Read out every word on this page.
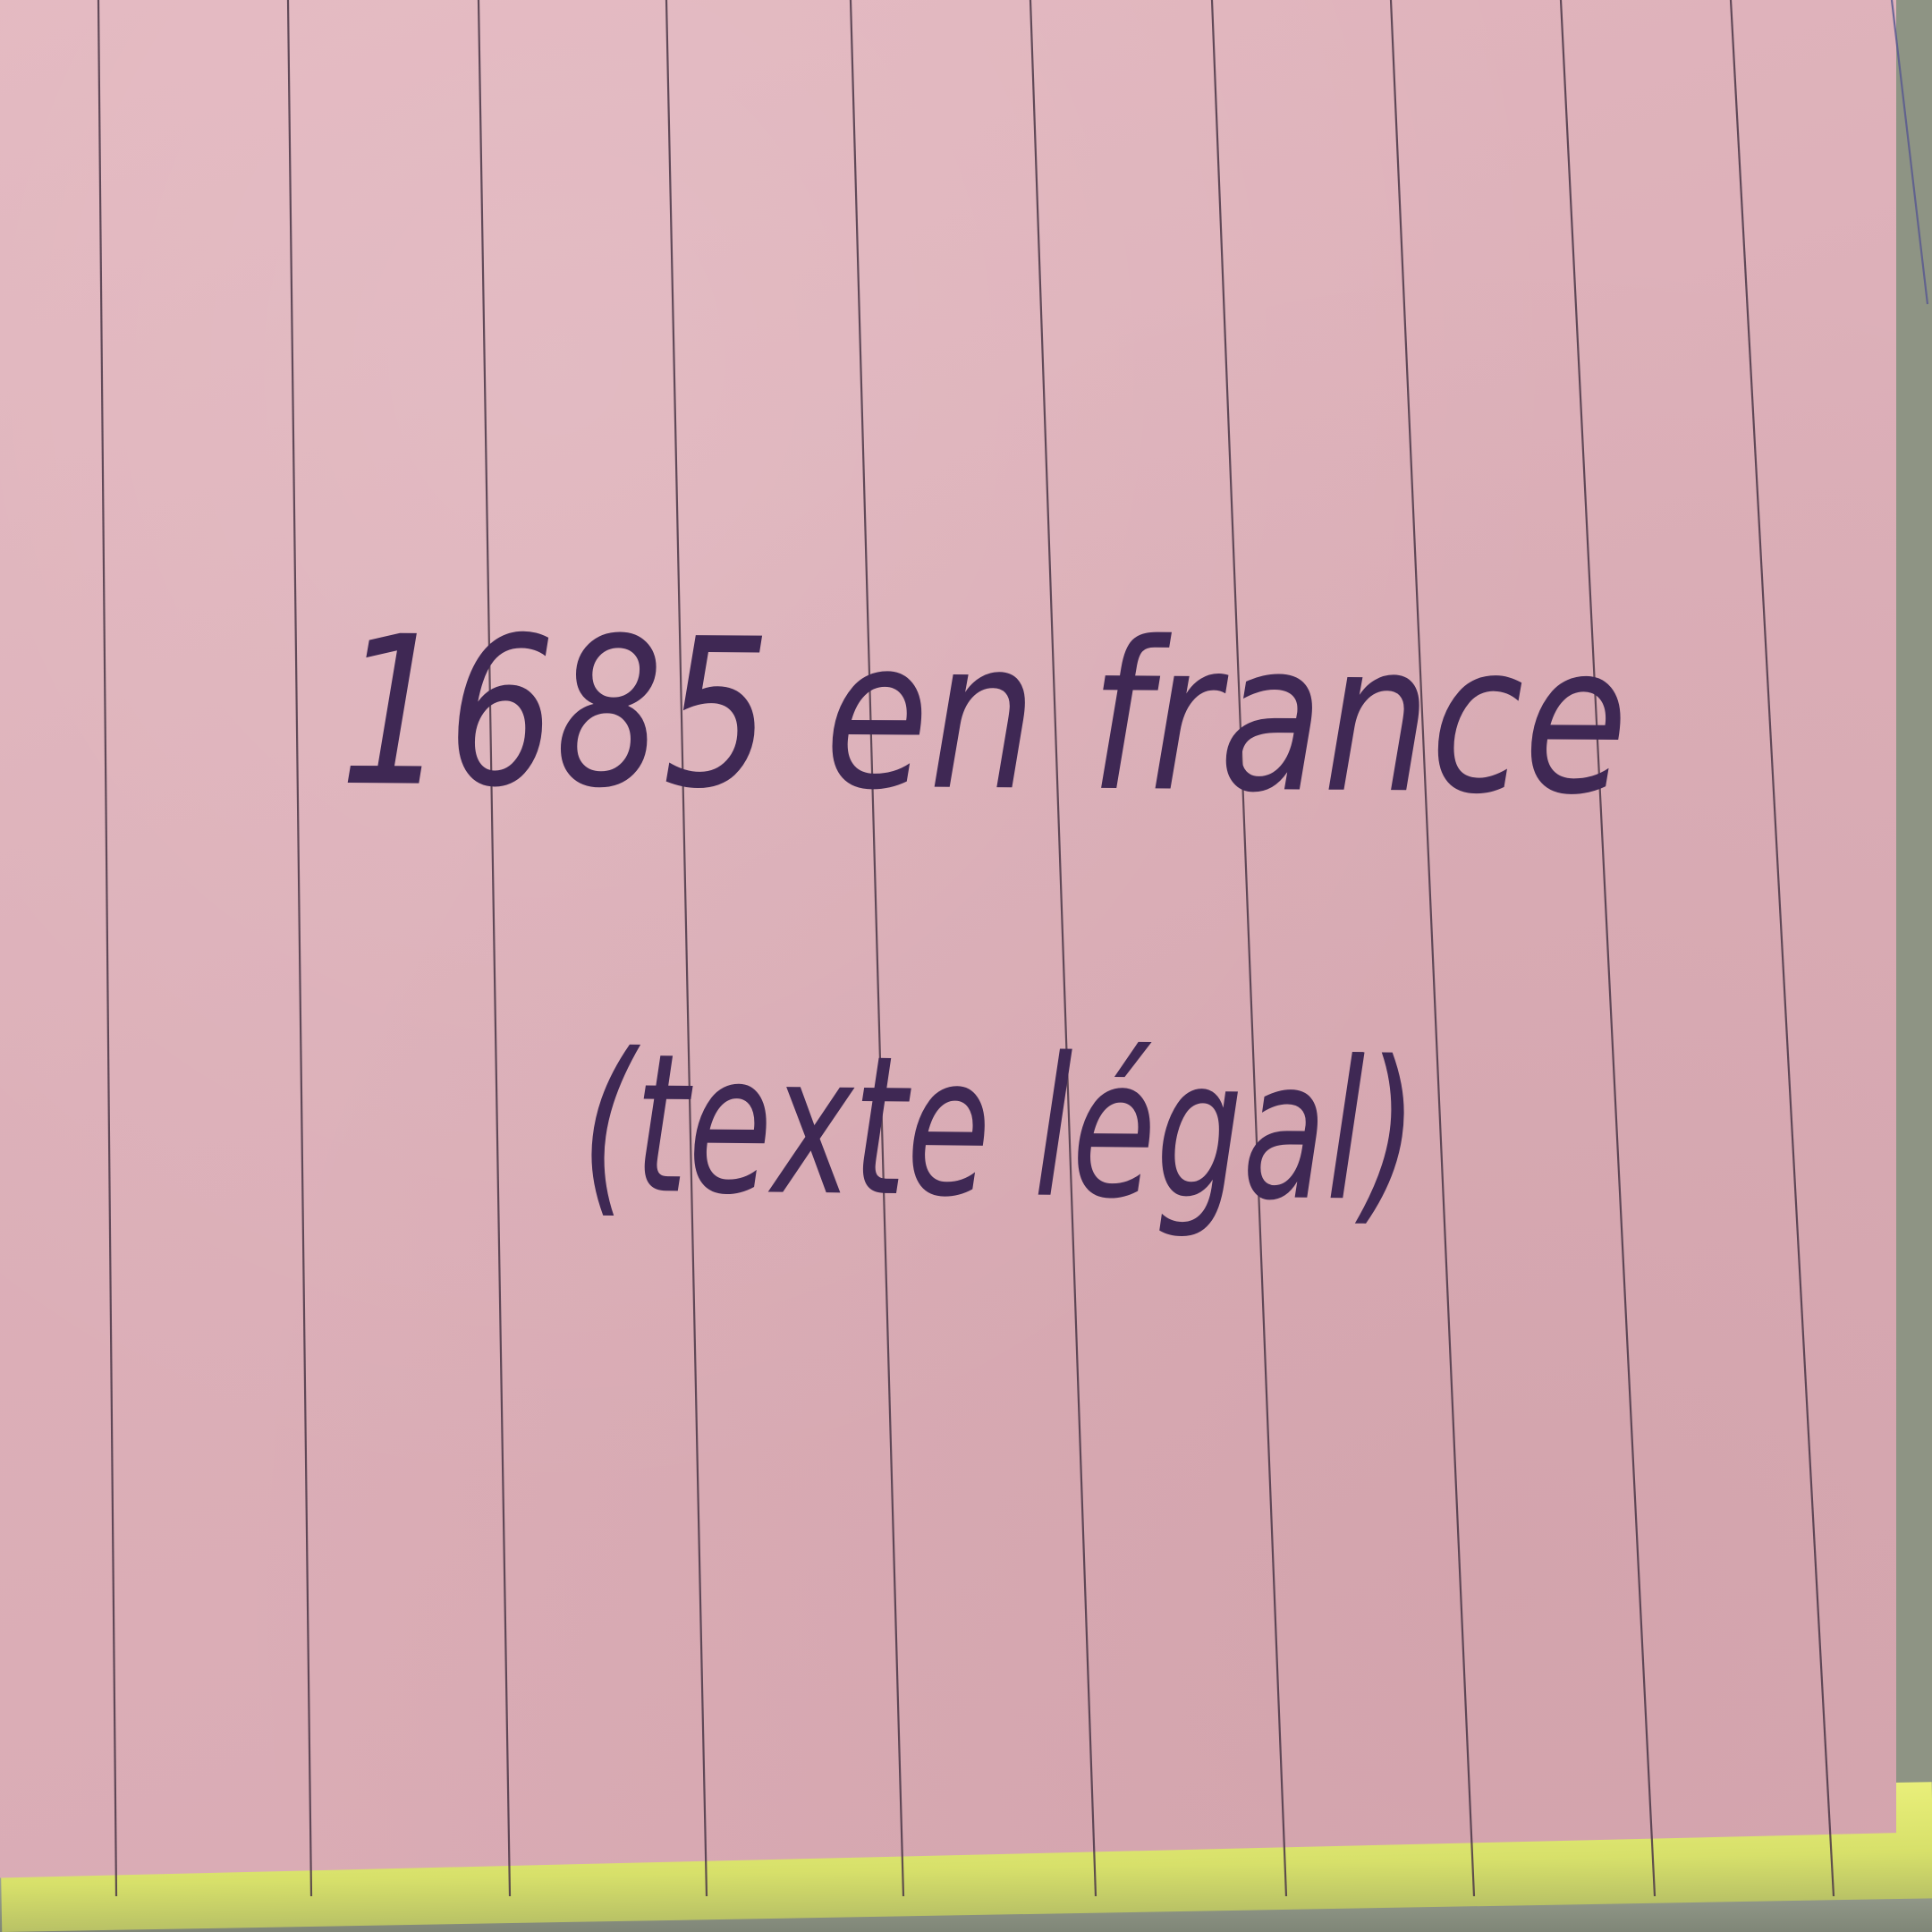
1685 en france
(texte légal)
